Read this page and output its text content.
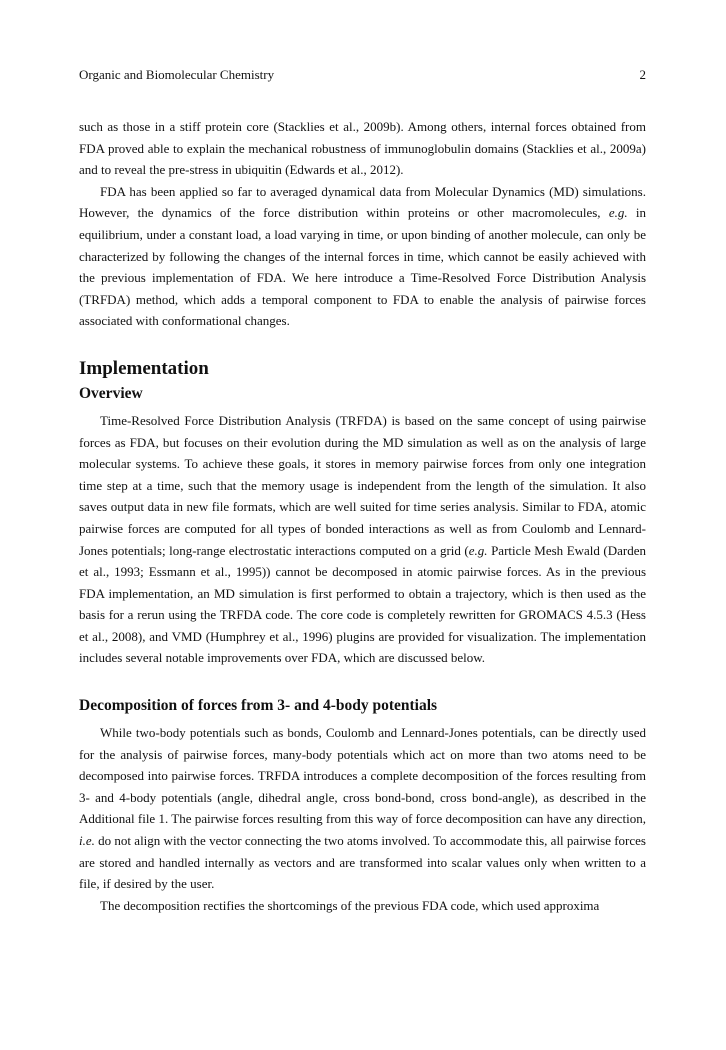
Organic and Biomolecular Chemistry	2

such as those in a stiff protein core (Stacklies et al., 2009b). Among others, internal forces obtained from FDA proved able to explain the mechanical robustness of immunoglobulin domains (Stacklies et al., 2009a) and to reveal the pre-stress in ubiquitin (Edwards et al., 2012).

FDA has been applied so far to averaged dynamical data from Molecular Dynamics (MD) simulations. However, the dynamics of the force distribution within proteins or other macromolecules, e.g. in equilibrium, under a constant load, a load varying in time, or upon binding of another molecule, can only be characterized by following the changes of the internal forces in time, which cannot be easily achieved with the previous implementation of FDA. We here introduce a Time-Resolved Force Distribution Analysis (TRFDA) method, which adds a temporal component to FDA to enable the analysis of pairwise forces associated with conformational changes.

Implementation
Overview

Time-Resolved Force Distribution Analysis (TRFDA) is based on the same concept of using pairwise forces as FDA, but focuses on their evolution during the MD simulation as well as on the analysis of large molecular systems. To achieve these goals, it stores in memory pairwise forces from only one integration time step at a time, such that the memory usage is independent from the length of the simulation. It also saves output data in new file formats, which are well suited for time series analysis. Similar to FDA, atomic pairwise forces are computed for all types of bonded interactions as well as from Coulomb and Lennard-Jones potentials; long-range electrostatic interactions computed on a grid (e.g. Particle Mesh Ewald (Darden et al., 1993; Essmann et al., 1995)) cannot be decomposed in atomic pairwise forces. As in the previous FDA implementation, an MD simulation is first performed to obtain a trajectory, which is then used as the basis for a rerun using the TRFDA code. The core code is completely rewritten for GROMACS 4.5.3 (Hess et al., 2008), and VMD (Humphrey et al., 1996) plugins are provided for visualization. The implementation includes several notable improvements over FDA, which are discussed below.

Decomposition of forces from 3- and 4-body potentials

While two-body potentials such as bonds, Coulomb and Lennard-Jones potentials, can be directly used for the analysis of pairwise forces, many-body potentials which act on more than two atoms need to be decomposed into pairwise forces. TRFDA introduces a complete decomposition of the forces resulting from 3- and 4-body potentials (angle, dihedral angle, cross bond-bond, cross bond-angle), as described in the Additional file 1. The pairwise forces resulting from this way of force decomposition can have any direction, i.e. do not align with the vector connecting the two atoms involved. To accommodate this, all pairwise forces are stored and handled internally as vectors and are transformed into scalar values only when written to a file, if desired by the user.

The decomposition rectifies the shortcomings of the previous FDA code, which used approxima
